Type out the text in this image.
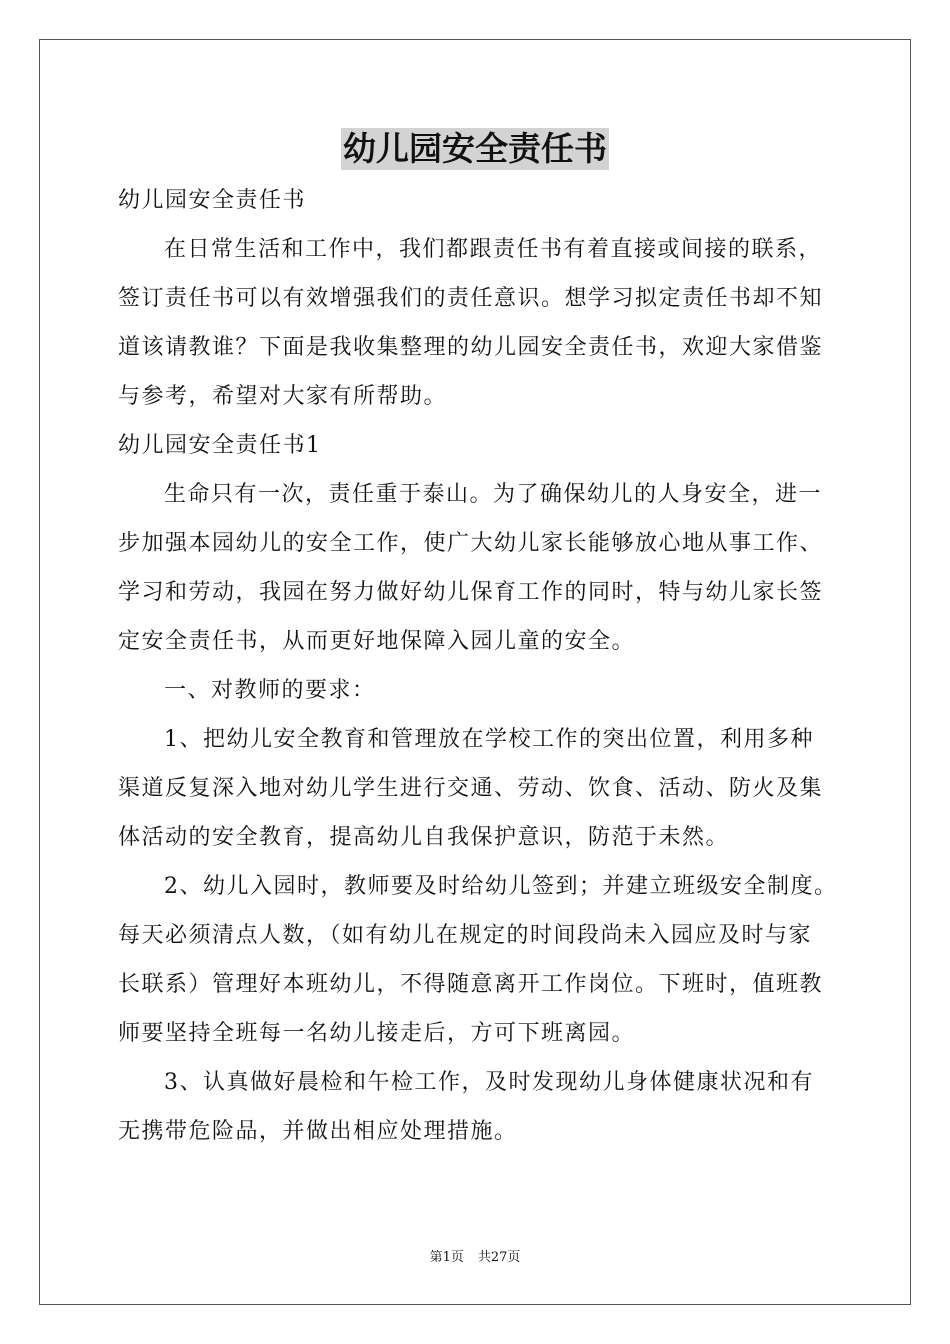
幼儿园安全责任书
幼儿园安全责任书
在日常生活和工作中，我们都跟责任书有着直接或间接的联系，
签订责任书可以有效增强我们的责任意识。想学习拟定责任书却不知
道该请教谁？下面是我收集整理的幼儿园安全责任书，欢迎大家借鉴
与参考，希望对大家有所帮助。
幼儿园安全责任书1
生命只有一次，责任重于泰山。为了确保幼儿的人身安全，进一
步加强本园幼儿的安全工作，使广大幼儿家长能够放心地从事工作、
学习和劳动，我园在努力做好幼儿保育工作的同时，特与幼儿家长签
定安全责任书，从而更好地保障入园儿童的安全。
一、对教师的要求：
1、把幼儿安全教育和管理放在学校工作的突出位置，利用多种
渠道反复深入地对幼儿学生进行交通、劳动、饮食、活动、防火及集
体活动的安全教育，提高幼儿自我保护意识，防范于未然。
2、幼儿入园时，教师要及时给幼儿签到；并建立班级安全制度。
每天必须清点人数，（如有幼儿在规定的时间段尚未入园应及时与家
长联系）管理好本班幼儿，不得随意离开工作岗位。下班时，值班教
师要坚持全班每一名幼儿接走后，方可下班离园。
3、认真做好晨检和午检工作，及时发现幼儿身体健康状况和有
无携带危险品，并做出相应处理措施。
第1页 共27页
